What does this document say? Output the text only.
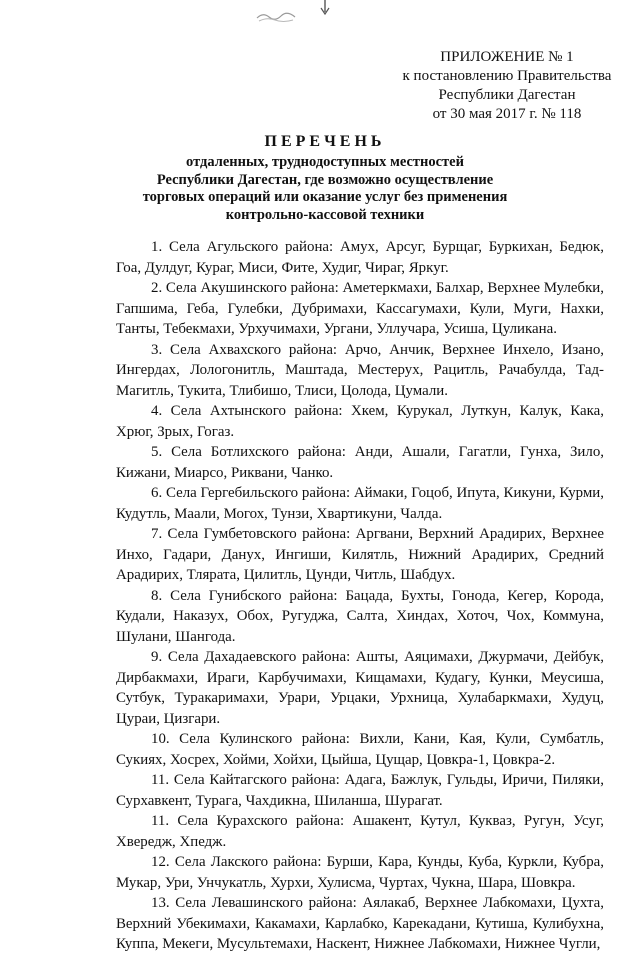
ПРИЛОЖЕНИЕ № 1
к постановлению Правительства
Республики Дагестан
от 30 мая 2017 г. № 118
ПЕРЕЧЕНЬ
отдаленных, труднодоступных местностей
Республики Дагестан, где возможно осуществление
торговых операций или оказание услуг без применения
контрольно-кассовой техники

1. Села Агульского района: Амух, Арсуг, Бурщаг, Буркихан, Бедюк, Гоа, Дулдуг, Кураг, Миси, Фите, Худиг, Чираг, Яркуг.

2. Села Акушинского района: Аметеркмахи, Балхар, Верхнее Мулебки, Гапшима, Геба, Гулебки, Дубримахи, Кассагумахи, Кули, Муги, Нахки, Танты, Тебекмахи, Урхучимахи, Ургани, Уллучара, Усиша, Цуликана.

3. Села Ахвахского района: Арчо, Анчик, Верхнее Инхело, Изано, Ингердах, Лологонитль, Маштада, Местерух, Рацитль, Рачабулда, Тад-Магитль, Тукита, Тлибишо, Тлиси, Цолода, Цумали.

4. Села Ахтынского района: Хкем, Курукал, Луткун, Калук, Кака, Хрюг, Зрых, Гогаз.

5. Села Ботлихского района: Анди, Ашали, Гагатли, Гунха, Зило, Кижани, Миарсо, Риквани, Чанко.

6. Села Гергебильского района: Аймаки, Гоцоб, Ипута, Кикуни, Курми, Кудутль, Маали, Могох, Тунзи, Хвартикуни, Чалда.

7. Села Гумбетовского района: Аргвани, Верхний Арадирих, Верхнее Инхо, Гадари, Данух, Ингиши, Килятль, Нижний Арадирих, Средний Арадирих, Тлярата, Цилитль, Цунди, Читль, Шабдух.

8. Села Гунибского района: Бацада, Бухты, Гонода, Кегер, Корода, Кудали, Наказух, Обох, Ругуджа, Салта, Хиндах, Хоточ, Чох, Коммуна, Шулани, Шангода.

9. Села Дахадаевского района: Ашты, Аяцимахи, Джурмачи, Дейбук, Дирбакмахи, Ираги, Карбучимахи, Кищамахи, Кудагу, Кунки, Меусиша, Сутбук, Туракаримахи, Урари, Урцаки, Урхница, Хулабаркмахи, Худуц, Цураи, Цизгари.

10. Села Кулинского района: Вихли, Кани, Кая, Кули, Сумбатль, Сукиях, Хосрех, Хойми, Хойхи, Цыйша, Цущар, Цовкра-1, Цовкра-2.

11. Села Кайтагского района: Адага, Бажлук, Гульды, Иричи, Пиляки, Сурхавкент, Турага, Чахдикна, Шиланша, Шурагат.

11. Села Курахского района: Ашакент, Кутул, Кукваз, Ругун, Усуг, Хвередж, Хпедж.

12. Села Лакского района: Бурши, Кара, Кунды, Куба, Куркли, Кубра, Мукар, Ури, Унчукатль, Хурхи, Хулисма, Чуртах, Чукна, Шара, Шовкра.

13. Села Левашинского района: Аялакаб, Верхнее Лабкомахи, Цухта, Верхний Убекимахи, Какамахи, Карлабко, Карекадани, Кутиша, Кулибухна, Куппа, Мекеги, Мусультемахи, Наскент, Нижнее Лабкомахи, Нижнее Чугли,
